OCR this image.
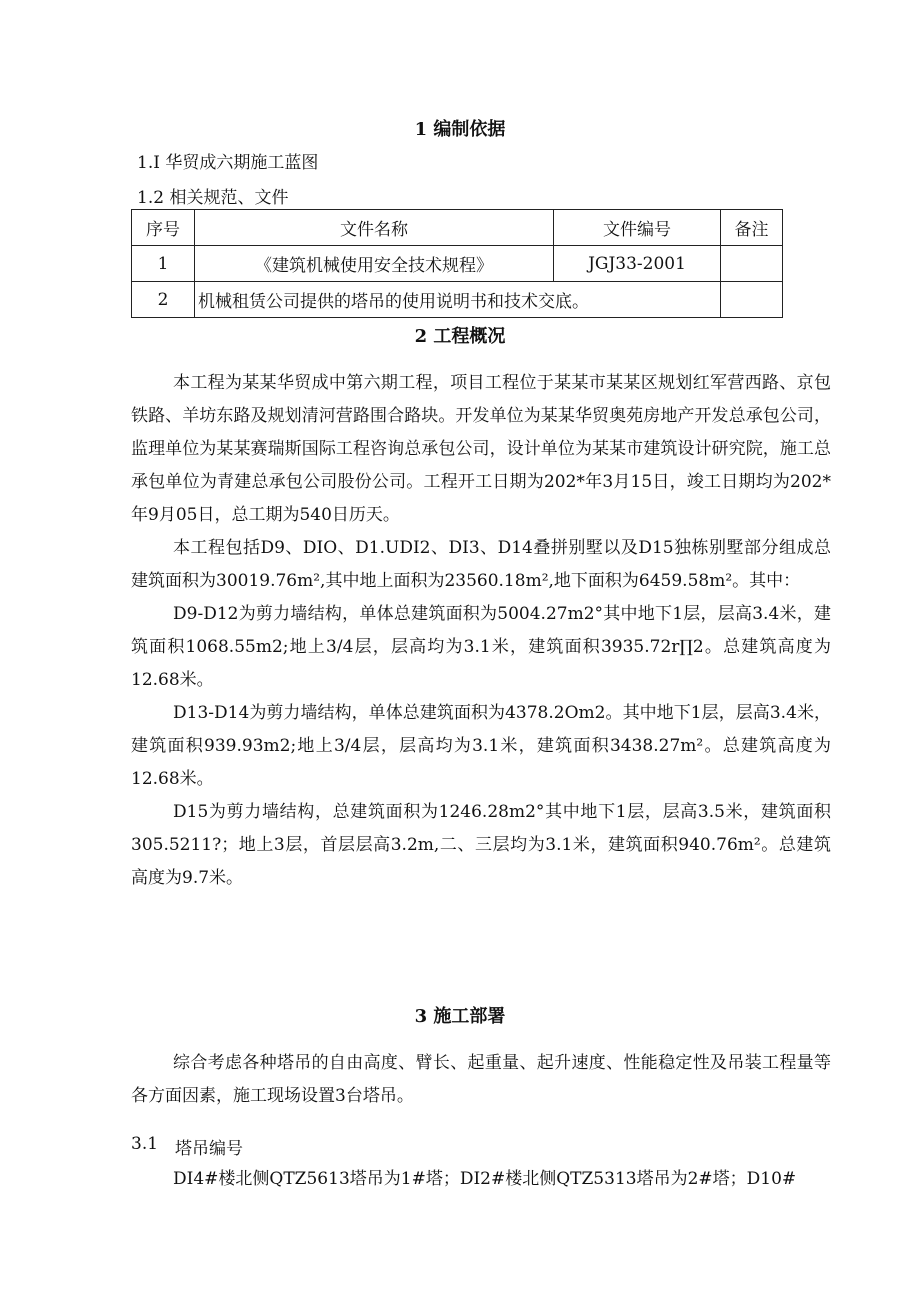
1 编制依据
1.I 华贸成六期施工蓝图
1.2 相关规范、文件
序号	文件名称	文件编号	备注
1	《建筑机械使用安全技术规程》	JGJ33-2001	
2	机械租赁公司提供的塔吊的使用说明书和技术交底。		
2 工程概况

本工程为某某华贸成中第六期工程，项目工程位于某某市某某区规划红军营西路、京包铁路、羊坊东路及规划清河营路围合路块。开发单位为某某华贸奥苑房地产开发总承包公司，监理单位为某某赛瑞斯国际工程咨询总承包公司，设计单位为某某市建筑设计研究院，施工总承包单位为青建总承包公司股份公司。工程开工日期为202*年3月15日，竣工日期均为202*年9月05日，总工期为540日历天。

本工程包括D9、DIO、D1.UDI2、DI3、D14叠拼别墅以及D15独栋别墅部分组成总建筑面积为30019.76m²,其中地上面积为23560.18m²,地下面积为6459.58m²。其中：

D9-D12为剪力墙结构，单体总建筑面积为5004.27m2°其中地下1层，层高3.4米，建筑面积1068.55m2;地上3/4层，层高均为3.1米，建筑面积3935.72r∏2。总建筑高度为12.68米。

D13-D14为剪力墙结构，单体总建筑面积为4378.2Om2。其中地下1层，层高3.4米，建筑面积939.93m2;地上3/4层，层高均为3.1米，建筑面积3438.27m²。总建筑高度为12.68米。

D15为剪力墙结构，总建筑面积为1246.28m2°其中地下1层，层高3.5米，建筑面积305.5211?；地上3层，首层层高3.2m,二、三层均为3.1米，建筑面积940.76m²。总建筑高度为9.7米。

3 施工部署

综合考虑各种塔吊的自由高度、臂长、起重量、起升速度、性能稳定性及吊装工程量等各方面因素，施工现场设置3台塔吊。

3.1 塔吊编号

DI4#楼北侧QTZ5613塔吊为1#塔；DI2#楼北侧QTZ5313塔吊为2#塔；D10#
